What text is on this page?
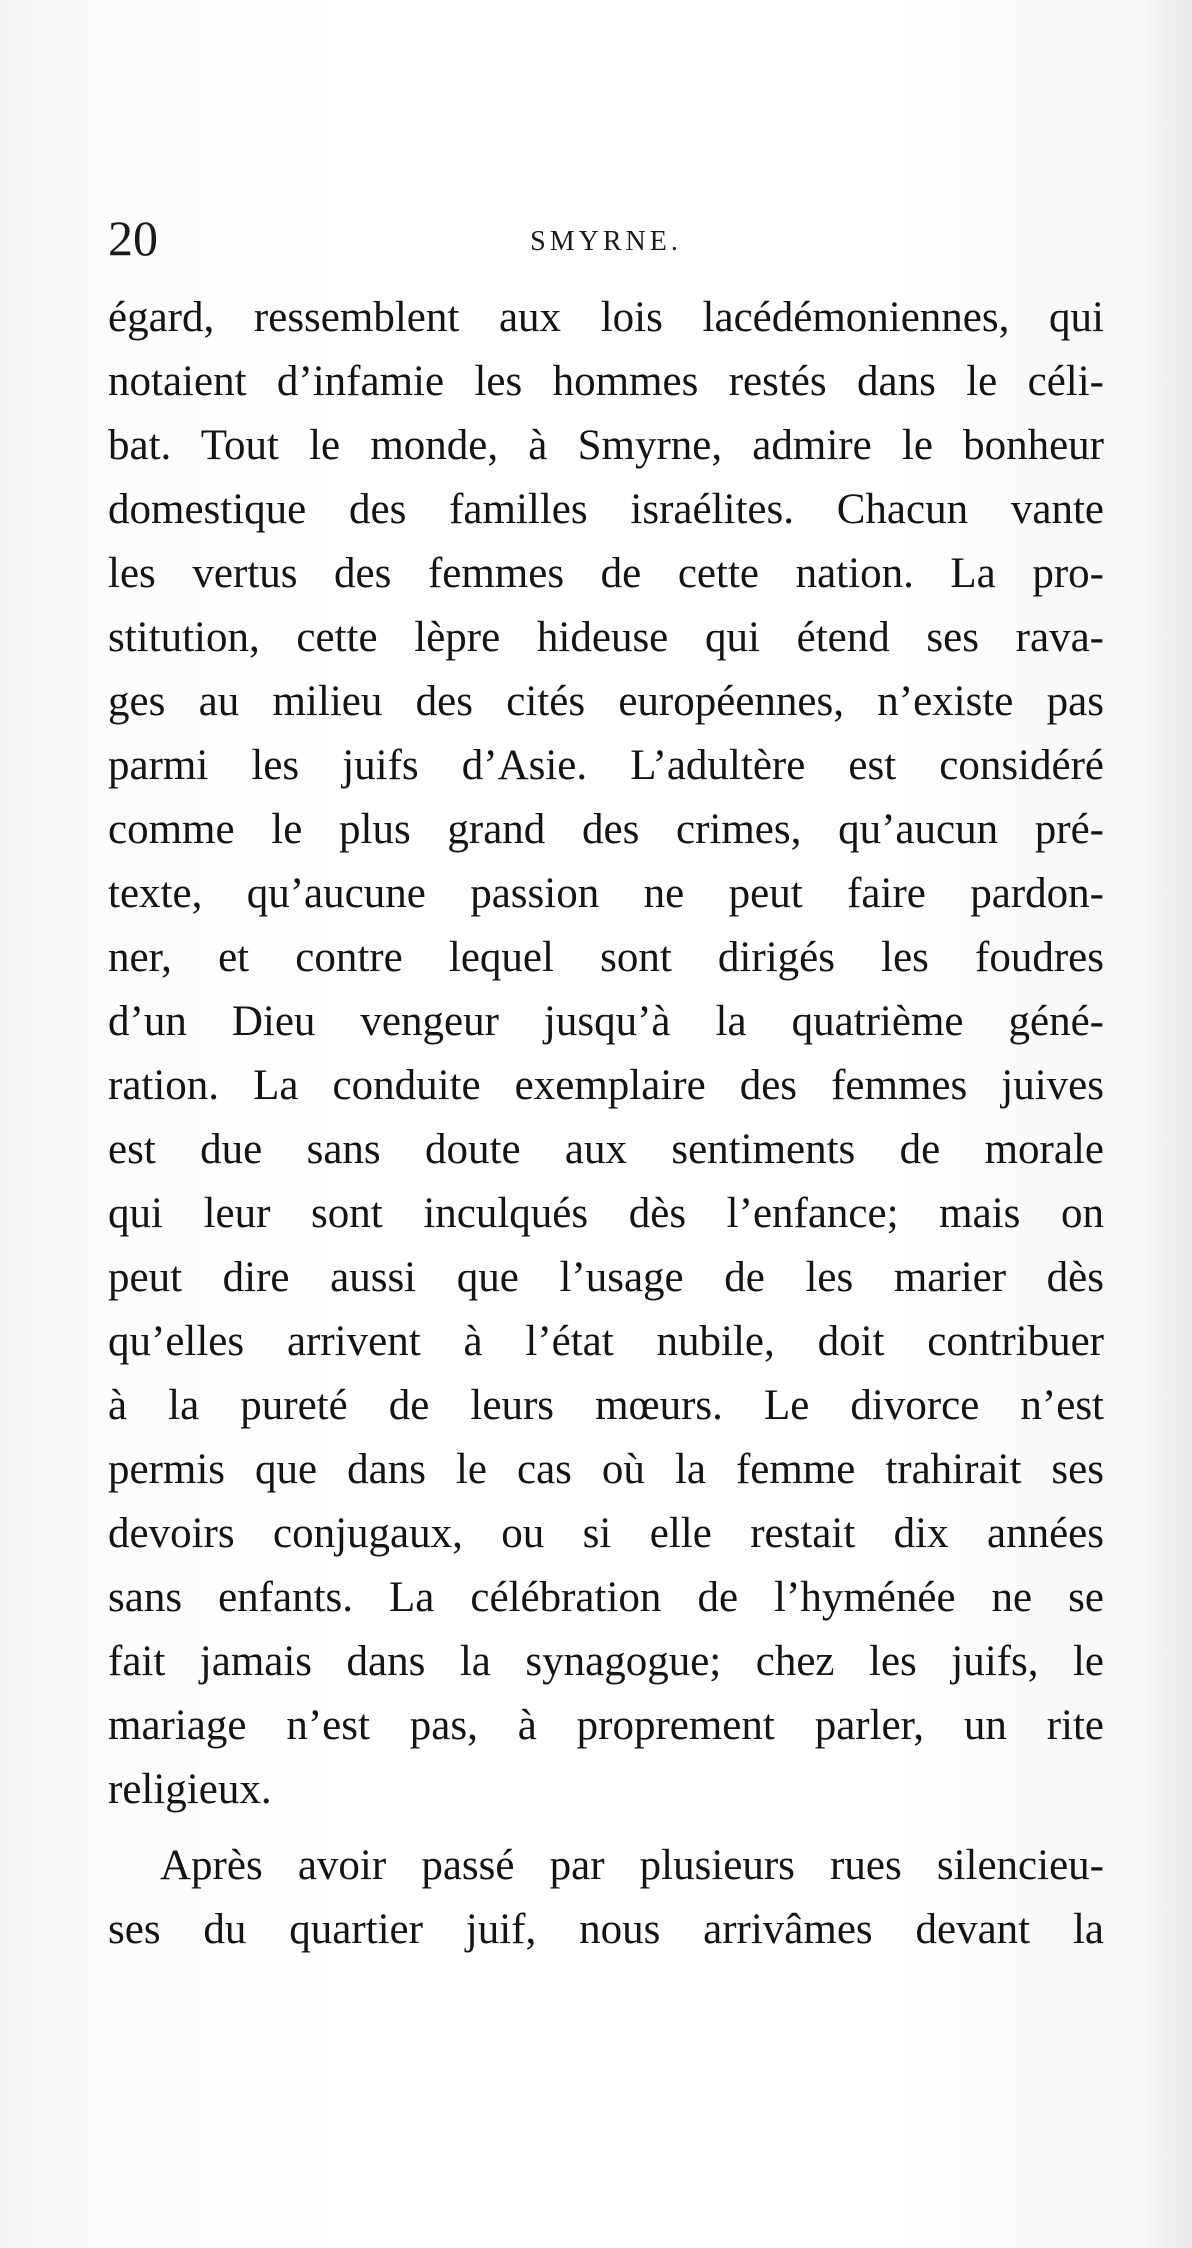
20	SMYRNE.
égard, ressemblent aux lois lacédémoniennes, qui
notaient d’infamie les hommes restés dans le céli-
bat. Tout le monde, à Smyrne, admire le bonheur
domestique des familles israélites. Chacun vante
les vertus des femmes de cette nation. La pro-
stitution, cette lèpre hideuse qui étend ses rava-
ges au milieu des cités européennes, n’existe pas
parmi les juifs d’Asie. L’adultère est considéré
comme le plus grand des crimes, qu’aucun pré-
texte, qu’aucune passion ne peut faire pardon-
ner, et contre lequel sont dirigés les foudres
d’un Dieu vengeur jusqu’à la quatrième géné-
ration. La conduite exemplaire des femmes juives
est due sans doute aux sentiments de morale
qui leur sont inculqués dès l’enfance; mais on
peut dire aussi que l’usage de les marier dès
qu’elles arrivent à l’état nubile, doit contribuer
à la pureté de leurs mœurs. Le divorce n’est
permis que dans le cas où la femme trahirait ses
devoirs conjugaux, ou si elle restait dix années
sans enfants. La célébration de l’hyménée ne se
fait jamais dans la synagogue; chez les juifs, le
mariage n’est pas, à proprement parler, un rite
religieux.
Après avoir passé par plusieurs rues silencieu-
ses du quartier juif, nous arrivâmes devant la
